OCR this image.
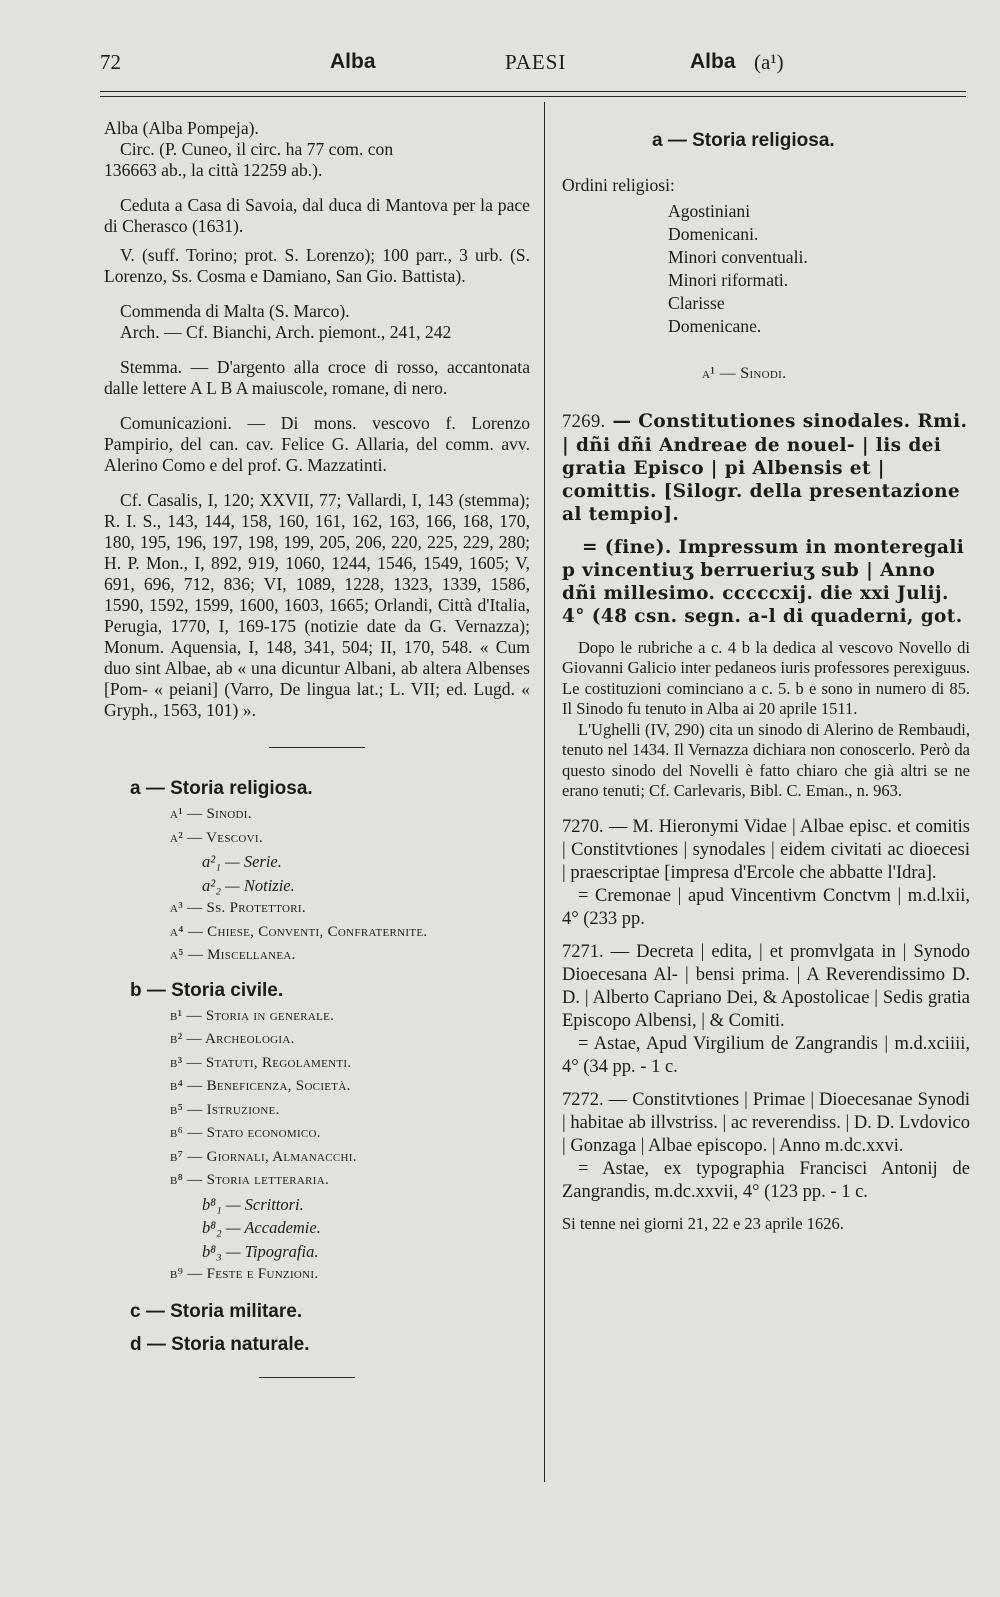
72	Alba	PAESI	Alba (a¹)

Alba (Alba Pompeja).

Circ. (P. Cuneo, il circ. ha 77 com. con

136663 ab., la città 12259 ab.).

Ceduta a Casa di Savoia, dal duca di Mantova per la pace di Cherasco (1631).

V. (suff. Torino; prot. S. Lorenzo); 100 parr., 3 urb. (S. Lorenzo, Ss. Cosma e Damiano, San Gio. Battista).

Commenda di Malta (S. Marco).

Arch. — Cf. Bianchi, Arch. piemont., 241, 242

Stemma. — D'argento alla croce di rosso, accantonata dalle lettere A L B A maiuscole, romane, di nero.

Comunicazioni. — Di mons. vescovo f. Lorenzo Pampirio, del can. cav. Felice G. Allaria, del comm. avv. Alerino Como e del prof. G. Mazzatinti.

Cf. Casalis, I, 120; XXVII, 77; Vallardi, I, 143 (stemma); R. I. S., 143, 144, 158, 160, 161, 162, 163, 166, 168, 170, 180, 195, 196, 197, 198, 199, 205, 206, 220, 225, 229, 280; H. P. Mon., I, 892, 919, 1060, 1244, 1546, 1549, 1605; V, 691, 696, 712, 836; VI, 1089, 1228, 1323, 1339, 1586, 1590, 1592, 1599, 1600, 1603, 1665; Orlandi, Città d'Italia, Perugia, 1770, I, 169-175 (notizie date da G. Vernazza); Monum. Aquensia, I, 148, 341, 504; II, 170, 548. « Cum duo sint Albae, ab « una dicuntur Albani, ab altera Albenses [Pom- « peiani] (Varro, De lingua lat.; L. VII; ed. Lugd. « Gryph., 1563, 101) ».

a — Storia religiosa.

a¹ — Sinodi.
a² — Vescovi.
a²₁ — Serie.
a²₂ — Notizie.
a³ — Ss. Protettori.
a⁴ — Chiese, Conventi, Confraternite.
a⁵ — Miscellanea.

b — Storia civile.

b¹ — Storia in generale.
b² — Archeologia.
b³ — Statuti, Regolamenti.
b⁴ — Beneficenza, Società.
b⁵ — Istruzione.
b⁶ — Stato economico.
b⁷ — Giornali, Almanacchi.
b⁸ — Storia letteraria.
b⁸₁ — Scrittori.
b⁸₂ — Accademie.
b⁸₃ — Tipografia.
b⁹ — Feste e Funzioni.

c — Storia militare.

d — Storia naturale.

a — Storia religiosa.

Ordini religiosi:

Agostiniani
Domenicani.
Minori conventuali.
Minori riformati.
Clarisse
Domenicane.

a¹ — Sinodi.

7269. — Constitutiones sinodales. Rmi. | dñi dñi Andreae de nouel- | lis dei gratia Episco | pi Albensis et | comittis. [Silogr. della presentazione al tempio].

= (fine). Impressum in monteregali p vincentiuʒ berrueriuʒ sub | Anno dñi millesimo. cccccxij. die xxi Julij. 4° (48 csn. segn. a-l di quaderni, got.

Dopo le rubriche a c. 4 b la dedica al vescovo Novello di Giovanni Galicio inter pedaneos iuris professores perexiguus. Le costituzioni cominciano a c. 5. b e sono in numero di 85. Il Sinodo fu tenuto in Alba ai 20 aprile 1511.

L'Ughelli (IV, 290) cita un sinodo di Alerino de Rembaudi, tenuto nel 1434. Il Vernazza dichiara non conoscerlo. Però da questo sinodo del Novelli è fatto chiaro che già altri se ne erano tenuti; Cf. Carlevaris, Bibl. C. Eman., n. 963.

7270. — M. Hieronymi Vidae | Albae episc. et comitis | Constitvtiones | synodales | eidem civitati ac dioecesi | praescriptae [impresa d'Ercole che abbatte l'Idra].

= Cremonae | apud Vincentivm Conctvm | m.d.lxii, 4° (233 pp.

7271. — Decreta | edita, | et promvlgata in | Synodo Dioecesana Al- | bensi prima. | A Reverendissimo D. D. | Alberto Capriano Dei, & Apostolicae | Sedis gratia Episcopo Albensi, | & Comiti.

= Astae, Apud Virgilium de Zangrandis | m.d.xciiii, 4° (34 pp. - 1 c.

7272. — Constitvtiones | Primae | Dioecesanae Synodi | habitae ab illvstriss. | ac reverendiss. | D. D. Lvdovico | Gonzaga | Albae episcopo. | Anno m.dc.xxvi.

= Astae, ex typographia Francisci Antonij de Zangrandis, m.dc.xxvii, 4° (123 pp. - 1 c.

Si tenne nei giorni 21, 22 e 23 aprile 1626.
